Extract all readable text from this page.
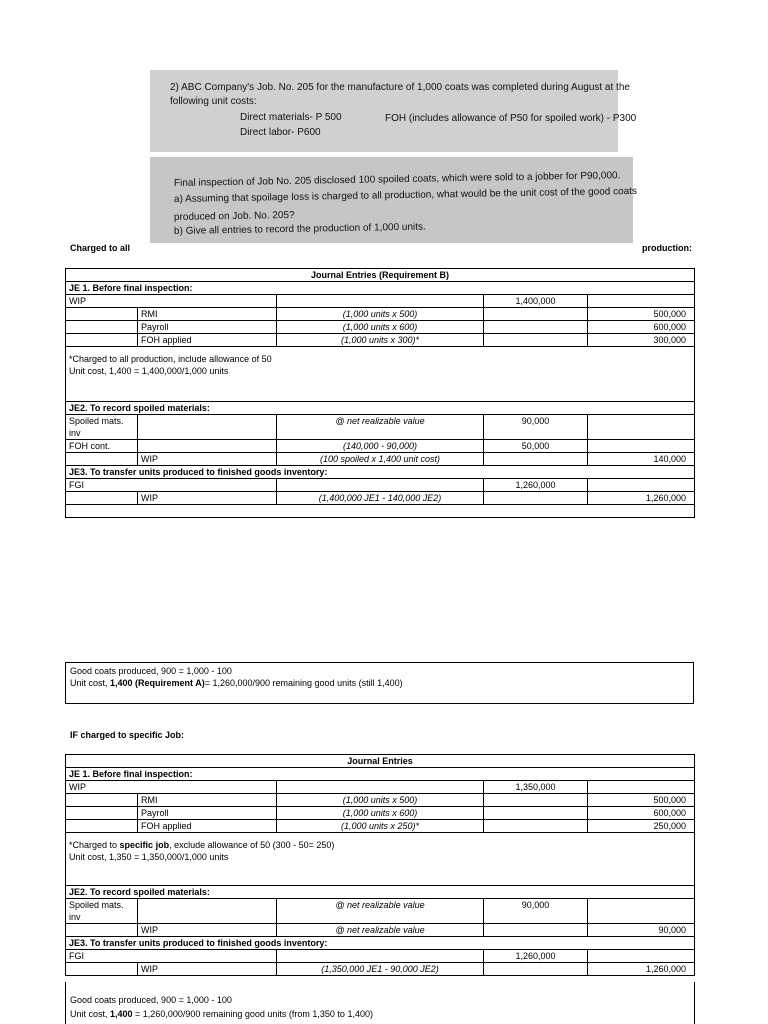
2) ABC Company's Job. No. 205 for the manufacture of 1,000 coats was completed during August at the
following unit costs:
Direct materials- P 500	FOH (includes allowance of P50 for spoiled work) - P300
Direct labor- P600
Final inspection of Job No. 205 disclosed 100 spoiled coats, which were sold to a jobber for P90,000.
a) Assuming that spoilage loss is charged to all production, what would be the unit cost of the good coats
produced on Job. No. 205?
b) Give all entries to record the production of 1,000 units.
Charged to all	production:
Journal Entries (Requirement B)				
JE 1. Before final inspection:				
WIP			1,400,000	
	RMI	(1,000 units x 500)		500,000
	Payroll	(1,000 units x 600)		600,000
	FOH applied	(1,000 units x 300)*		300,000

*Charged to all production, include allowance of 50
Unit cost, 1,400 = 1,400,000/1,000 units				

JE2. To record spoiled materials:				

Spoiled mats.
inv		@ net realizable value	90,000	
FOH cont.		(140,000 - 90,000)	50,000	
	WIP	(100 spoiled x 1,400 unit cost)		140,000
JE3. To transfer units produced to finished goods inventory:				
FGI			1,260,000	
	WIP	(1,400,000 JE1 - 140,000 JE2)		1,260,000

Good coats produced, 900 = 1,000 - 100
Unit cost, 1,400 (Requirement A)= 1,260,000/900 remaining good units (still 1,400)
IF charged to specific Job:
Journal Entries				
JE 1. Before final inspection:				
WIP			1,350,000	
	RMI	(1,000 units x 500)		500,000
	Payroll	(1,000 units x 600)		600,000
	FOH applied	(1,000 units x 250)*		250,000

*Charged to specific job, exclude allowance of 50 (300 - 50= 250)
Unit cost, 1,350 = 1,350,000/1,000 units				

JE2. To record spoiled materials:				

Spoiled mats.
inv		@ net realizable value	90,000	
	WIP	@ net realizable value		90,000
JE3. To transfer units produced to finished goods inventory:				
FGI			1,260,000	
	WIP	(1,350,000 JE1 - 90,000 JE2)		1,260,000
Good coats produced, 900 = 1,000 - 100
Unit cost, 1,400 = 1,260,000/900 remaining good units (from 1,350 to 1,400)
